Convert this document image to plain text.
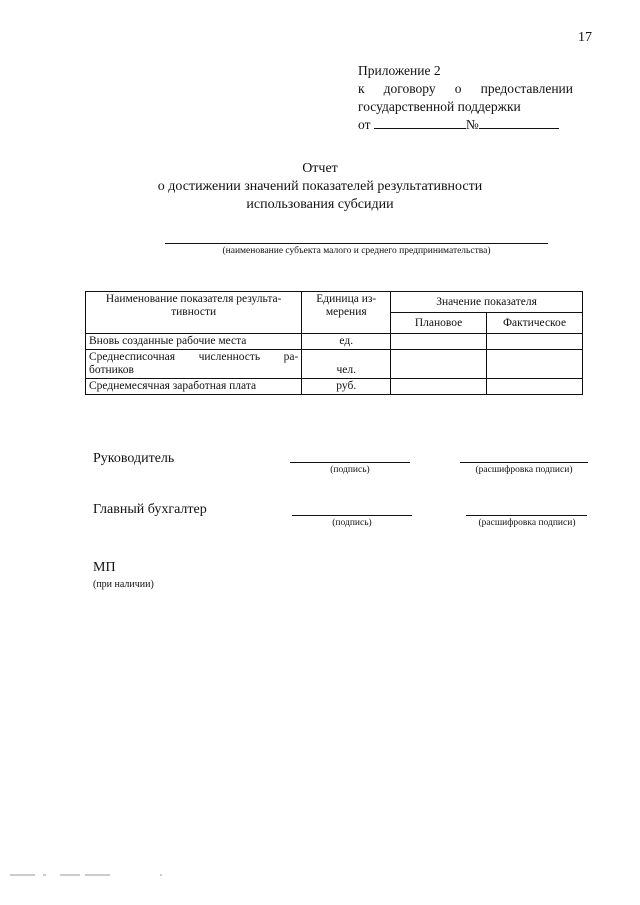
17
Приложение 2
к договору о предоставлении
государственной поддержки
от	№
Отчет
о достижении значений показателей результативности
использования субсидии
(наименование субъекта малого и среднего предпринимательства)
Наименование показателя результа-тивности	Единица из-мерения	Значение показателя	
		Плановое	Фактическое
Вновь созданные рабочие места	ед.		
Среднесписочная численность ра-ботников	чел.		
Среднемесячная заработная плата	руб.		
Руководитель
(подпись)	(расшифровка подписи)
Главный бухгалтер
(подпись)	(расшифровка подписи)
МП
(при наличии)
